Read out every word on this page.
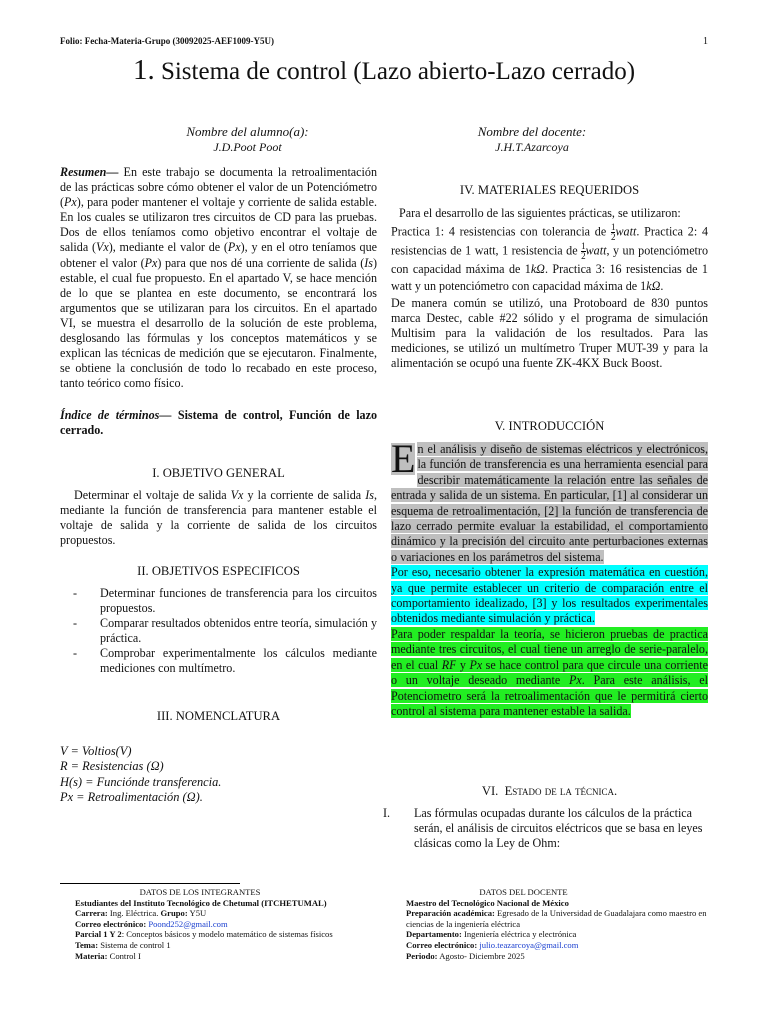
Folio: Fecha-Materia-Grupo (30092025-AEF1009-Y5U)	1
1. Sistema de control (Lazo abierto-Lazo cerrado)
Nombre del alumno(a):
J.D.Poot Poot
Nombre del docente:
J.H.T.Azarcoya
Resumen— En este trabajo se documenta la retroalimentación de las prácticas sobre cómo obtener el valor de un Potenciómetro (Px), para poder mantener el voltaje y corriente de salida estable. En los cuales se utilizaron tres circuitos de CD para las pruebas. Dos de ellos teníamos como objetivo encontrar el voltaje de salida (Vx), mediante el valor de (Px), y en el otro teníamos que obtener el valor (Px) para que nos dé una corriente de salida (Is) estable, el cual fue propuesto. En el apartado V, se hace mención de lo que se plantea en este documento, se encontrará los argumentos que se utilizaran para los circuitos. En el apartado VI, se muestra el desarrollo de la solución de este problema, desglosando las fórmulas y los conceptos matemáticos y se explican las técnicas de medición que se ejecutaron. Finalmente, se obtiene la conclusión de todo lo recabado en este proceso, tanto teórico como físico.
Índice de términos— Sistema de control, Función de lazo cerrado.
I. OBJETIVO GENERAL
Determinar el voltaje de salida Vx y la corriente de salida Is, mediante la función de transferencia para mantener estable el voltaje de salida y la corriente de salida de los circuitos propuestos.
II. OBJETIVOS ESPECIFICOS
- Determinar funciones de transferencia para los circuitos propuestos.
- Comparar resultados obtenidos entre teoría, simulación y práctica.
- Comprobar experimentalmente los cálculos mediante mediciones con multímetro.
III. NOMENCLATURA
V = Voltios(V)
R = Resistencias (Ω)
H(s) = Funciónde transferencia.
Px = Retroalimentación (Ω).
IV. MATERIALES REQUERIDOS
Para el desarrollo de las siguientes prácticas, se utilizaron:
Practica 1: 4 resistencias con tolerancia de $\frac{1}{2}$ watt. Practica 2: 4 resistencias de 1 watt, 1 resistencia de $\frac{1}{2}$ watt, y un potenciómetro con capacidad máxima de 1kΩ. Practica 3: 16 resistencias de 1 watt y un potenciómetro con capacidad máxima de 1kΩ.
De manera común se utilizó, una Protoboard de 830 puntos marca Destec, cable #22 sólido y el programa de simulación Multisim para la validación de los resultados. Para las mediciones, se utilizó un multímetro Truper MUT-39 y para la alimentación se ocupó una fuente ZK-4KX Buck Boost.
V. INTRODUCCIÓN
E n el análisis y diseño de sistemas eléctricos y electrónicos, la función de transferencia es una herramienta esencial para describir matemáticamente la relación entre las señales de entrada y salida de un sistema. En particular, [1] al considerar un esquema de retroalimentación, [2] la función de transferencia de lazo cerrado permite evaluar la estabilidad, el comportamiento dinámico y la precisión del circuito ante perturbaciones externas o variaciones en los parámetros del sistema.
Por eso, necesario obtener la expresión matemática en cuestión, ya que permite establecer un criterio de comparación entre el comportamiento idealizado, [3] y los resultados experimentales obtenidos mediante simulación y práctica.
Para poder respaldar la teoría, se hicieron pruebas de practica mediante tres circuitos, el cual tiene un arreglo de serie-paralelo, en el cual RF y Px se hace control para que circule una corriente o un voltaje deseado mediante Px. Para este análisis, el Potenciometro será la retroalimentación que le permitirá cierto control al sistema para mantener estable la salida.
VI. Estado de la técnica.
I. Las fórmulas ocupadas durante los cálculos de la práctica serán, el análisis de circuitos eléctricos que se basa en leyes clásicas como la Ley de Ohm:
DATOS DE LOS INTEGRANTES
Estudiantes del Instituto Tecnológico de Chetumal (ITCHETUMAL)
Carrera: Ing. Eléctrica. Grupo: Y5U
Correo electrónico: Poond252@gmail.com
Parcial 1 Y 2: Conceptos básicos y modelo matemático de sistemas físicos
Tema: Sistema de control 1
Materia: Control I
DATOS DEL DOCENTE
Maestro del Tecnológico Nacional de México
Preparación académica: Egresado de la Universidad de Guadalajara como maestro en ciencias de la ingeniería eléctrica
Departamento: Ingeniería eléctrica y electrónica
Correo electrónico: julio.teazarcoya@gmail.com
Periodo: Agosto- Diciembre 2025
